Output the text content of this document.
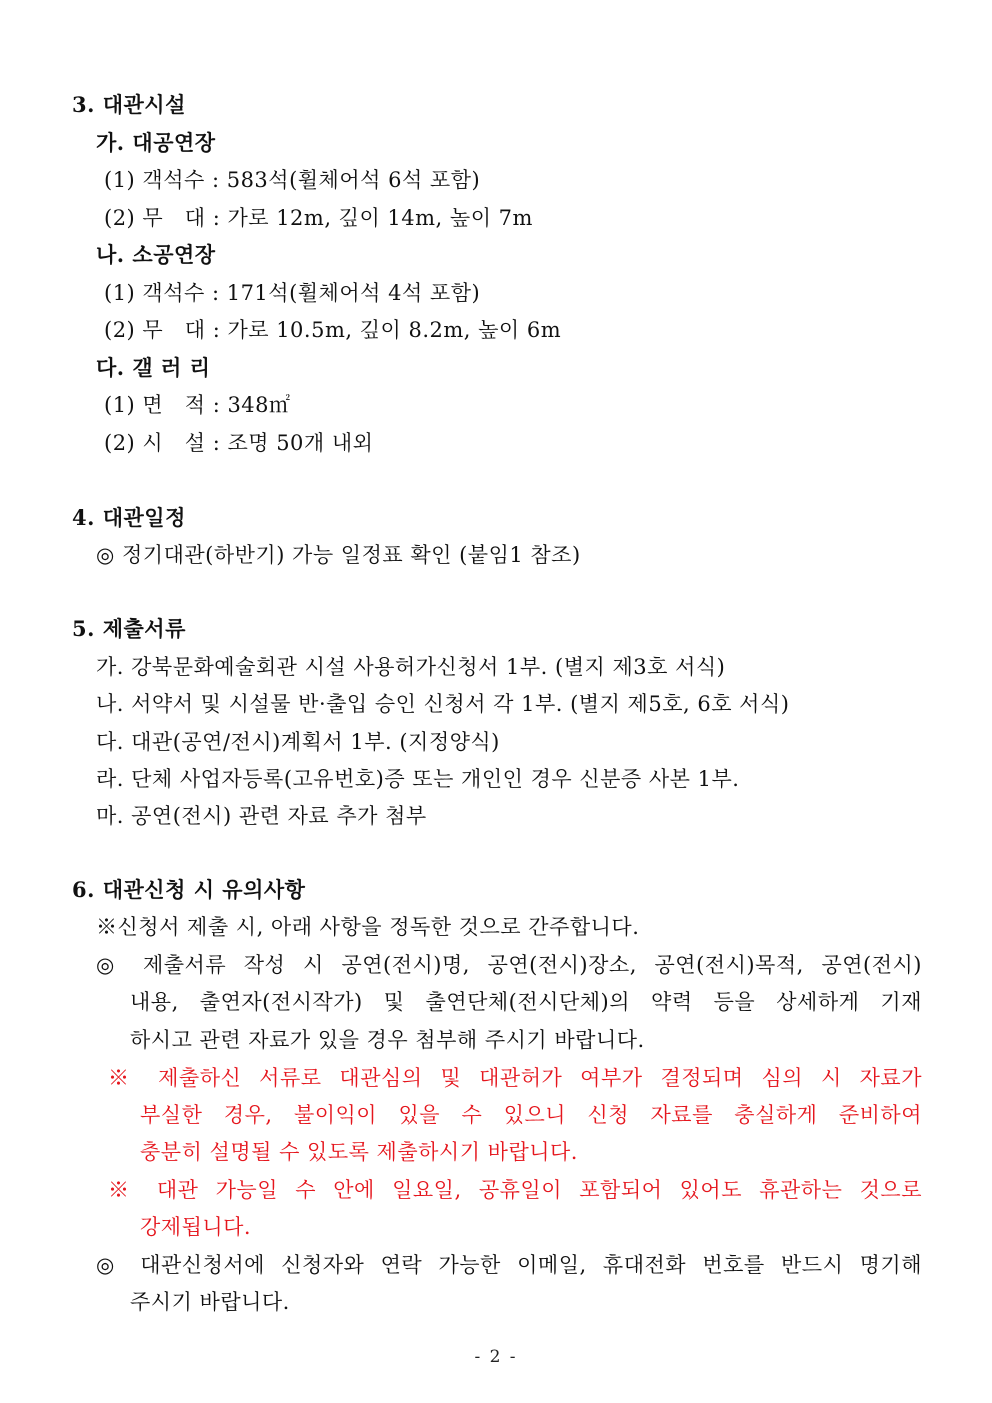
3. 대관시설

가. 대공연장

(1) 객석수 : 583석(휠체어석 6석 포함)

(2) 무   대 : 가로 12m, 깊이 14m, 높이 7m

나. 소공연장

(1) 객석수 : 171석(휠체어석 4석 포함)

(2) 무   대 : 가로 10.5m, 깊이 8.2m, 높이 6m

다. 갤 러 리

(1) 면   적 : 348㎡

(2) 시   설 : 조명 50개 내외

4. 대관일정

◎ 정기대관(하반기) 가능 일정표 확인 (붙임1 참조)

5. 제출서류

가. 강북문화예술회관 시설 사용허가신청서 1부. (별지 제3호 서식)

나. 서약서 및 시설물 반·출입 승인 신청서 각 1부. (별지 제5호, 6호 서식)

다. 대관(공연/전시)계획서 1부. (지정양식)

라. 단체 사업자등록(고유번호)증 또는 개인인 경우 신분증 사본 1부.

마. 공연(전시) 관련 자료 추가 첨부

6. 대관신청 시 유의사항

※신청서 제출 시, 아래 사항을 정독한 것으로 간주합니다.

◎ 제출서류 작성 시 공연(전시)명, 공연(전시)장소, 공연(전시)목적, 공연(전시)

내용, 출연자(전시작가) 및 출연단체(전시단체)의 약력 등을 상세하게 기재

하시고 관련 자료가 있을 경우 첨부해 주시기 바랍니다.

※ 제출하신 서류로 대관심의 및 대관허가 여부가 결정되며 심의 시 자료가

부실한 경우, 불이익이 있을 수 있으니 신청 자료를 충실하게 준비하여

충분히 설명될 수 있도록 제출하시기 바랍니다.

※ 대관 가능일 수 안에 일요일, 공휴일이 포함되어 있어도 휴관하는 것으로

강제됩니다.

◎ 대관신청서에 신청자와 연락 가능한 이메일, 휴대전화 번호를 반드시 명기해

주시기 바랍니다.

- 2 -
